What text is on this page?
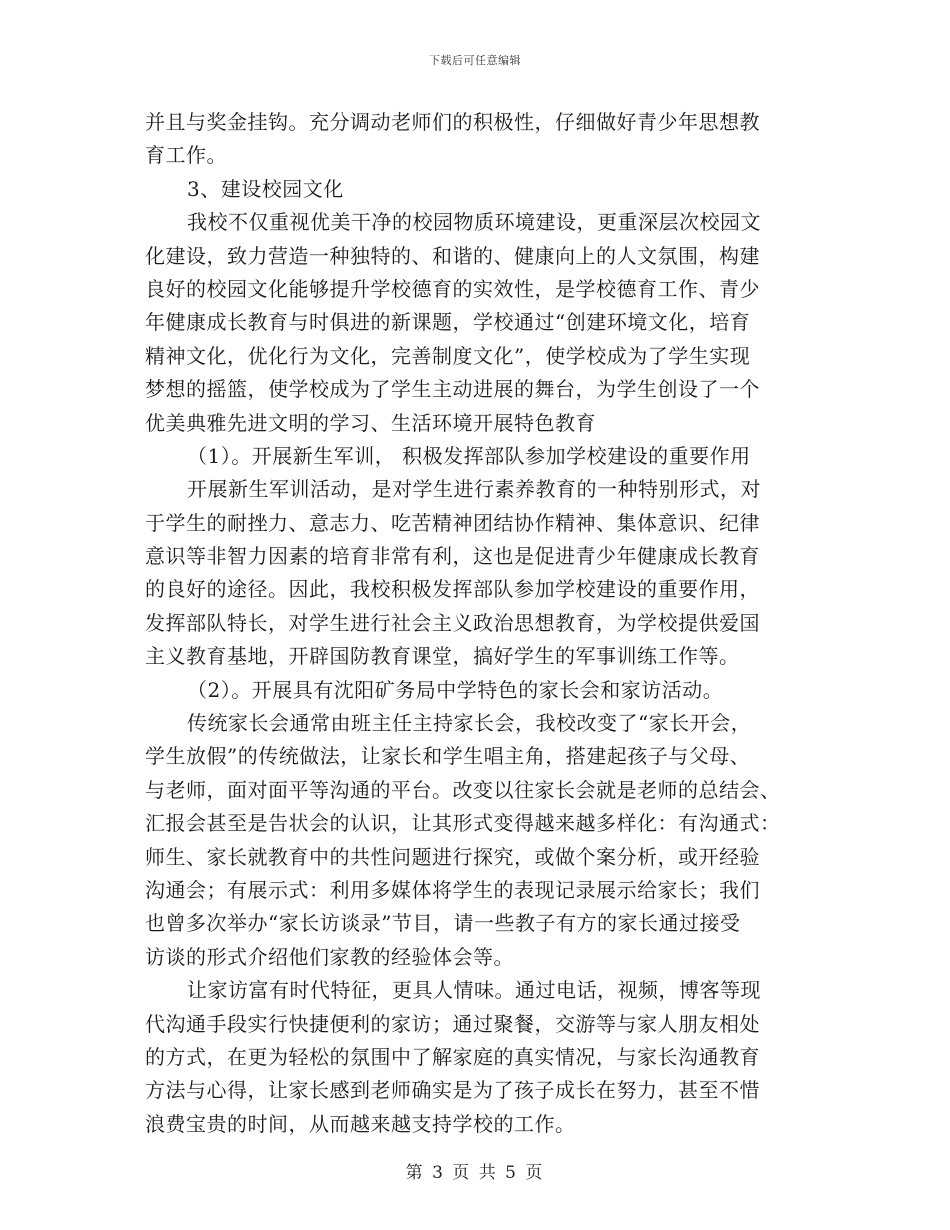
下载后可任意编辑
并且与奖金挂钩。充分调动老师们的积极性，仔细做好青少年思想教
育工作。
3、建设校园文化
我校不仅重视优美干净的校园物质环境建设，更重深层次校园文
化建设，致力营造一种独特的、和谐的、健康向上的人文氛围，构建
良好的校园文化能够提升学校德育的实效性，是学校德育工作、青少
年健康成长教育与时俱进的新课题，学校通过“创建环境文化，培育
精神文化，优化行为文化，完善制度文化”，使学校成为了学生实现
梦想的摇篮，使学校成为了学生主动进展的舞台，为学生创设了一个
优美典雅先进文明的学习、生活环境开展特色教育
（1）。开展新生军训， 积极发挥部队参加学校建设的重要作用
开展新生军训活动，是对学生进行素养教育的一种特别形式，对
于学生的耐挫力、意志力、吃苦精神团结协作精神、集体意识、纪律
意识等非智力因素的培育非常有利，这也是促进青少年健康成长教育
的良好的途径。因此，我校积极发挥部队参加学校建设的重要作用，
发挥部队特长，对学生进行社会主义政治思想教育，为学校提供爱国
主义教育基地，开辟国防教育课堂，搞好学生的军事训练工作等。
（2）。开展具有沈阳矿务局中学特色的家长会和家访活动。
传统家长会通常由班主任主持家长会，我校改变了“家长开会，
学生放假”的传统做法，让家长和学生唱主角，搭建起孩子与父母、
与老师，面对面平等沟通的平台。改变以往家长会就是老师的总结会、
汇报会甚至是告状会的认识，让其形式变得越来越多样化：有沟通式：
师生、家长就教育中的共性问题进行探究，或做个案分析，或开经验
沟通会；有展示式：利用多媒体将学生的表现记录展示给家长；我们
也曾多次举办“家长访谈录”节目，请一些教子有方的家长通过接受
访谈的形式介绍他们家教的经验体会等。
让家访富有时代特征，更具人情味。通过电话，视频，博客等现
代沟通手段实行快捷便利的家访；通过聚餐，交游等与家人朋友相处
的方式，在更为轻松的氛围中了解家庭的真实情况，与家长沟通教育
方法与心得，让家长感到老师确实是为了孩子成长在努力，甚至不惜
浪费宝贵的时间，从而越来越支持学校的工作。
第 3 页 共 5 页
